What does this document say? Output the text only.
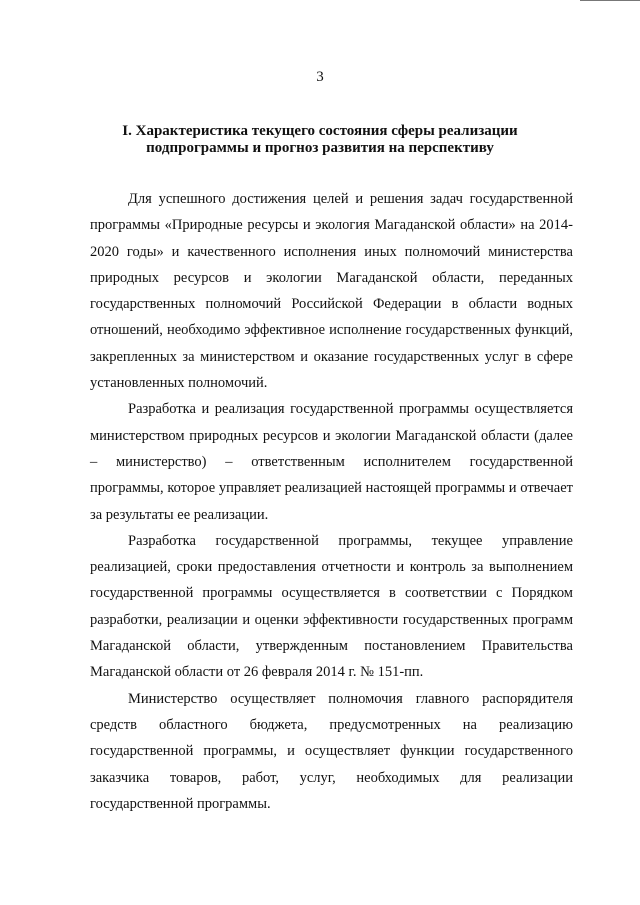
3
I. Характеристика текущего состояния сферы реализации
подпрограммы и прогноз развития на перспективу

Для успешного достижения целей и решения задач государственной программы «Природные ресурсы и экология Магаданской области» на 2014-2020 годы» и качественного исполнения иных полномочий министерства природных ресурсов и экологии Магаданской области, переданных государственных полномочий Российской Федерации в области водных отношений, необходимо эффективное исполнение государственных функций, закрепленных за министерством и оказание государственных услуг в сфере установленных полномочий.

Разработка и реализация государственной программы осуществляется министерством природных ресурсов и экологии Магаданской области (далее – министерство) – ответственным исполнителем государственной программы, которое управляет реализацией настоящей программы и отвечает за результаты ее реализации.

Разработка государственной программы, текущее управление реализацией, сроки предоставления отчетности и контроль за выполнением государственной программы осуществляется в соответствии с Порядком разработки, реализации и оценки эффективности государственных программ Магаданской области, утвержденным постановлением Правительства Магаданской области от 26 февраля 2014 г. № 151-пп.

Министерство осуществляет полномочия главного распорядителя средств областного бюджета, предусмотренных на реализацию государственной программы, и осуществляет функции государственного заказчика товаров, работ, услуг, необходимых для реализации государственной программы.
